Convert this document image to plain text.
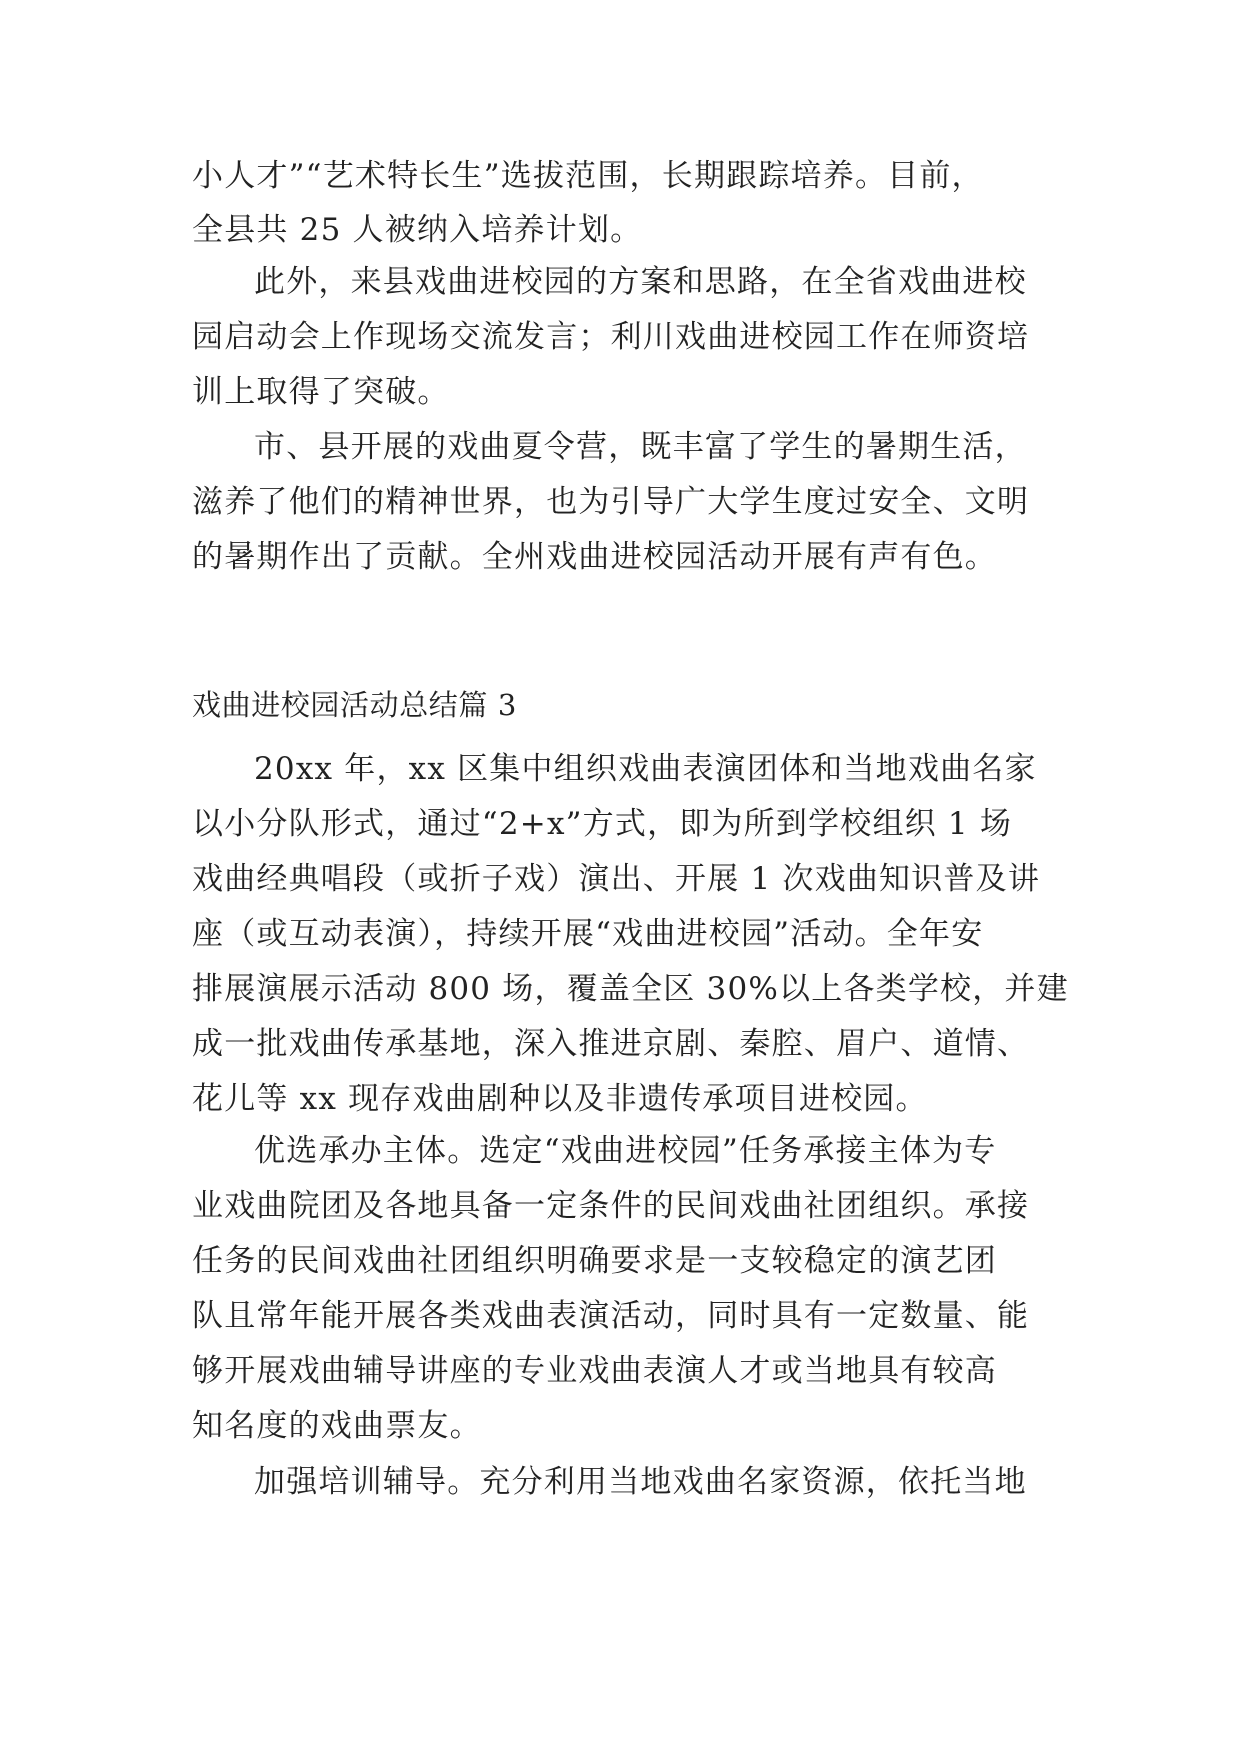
小人才”“艺术特长生”选拔范围，长期跟踪培养。目前，
全县共 25 人被纳入培养计划。
此外，来县戏曲进校园的方案和思路，在全省戏曲进校
园启动会上作现场交流发言；利川戏曲进校园工作在师资培
训上取得了突破。
市、县开展的戏曲夏令营，既丰富了学生的暑期生活，
滋养了他们的精神世界，也为引导广大学生度过安全、文明
的暑期作出了贡献。全州戏曲进校园活动开展有声有色。
戏曲进校园活动总结篇 3
20xx 年，xx 区集中组织戏曲表演团体和当地戏曲名家
以小分队形式，通过“2+x”方式，即为所到学校组织 1 场
戏曲经典唱段（或折子戏）演出、开展 1 次戏曲知识普及讲
座（或互动表演），持续开展“戏曲进校园”活动。全年安
排展演展示活动 800 场，覆盖全区 30%以上各类学校，并建
成一批戏曲传承基地，深入推进京剧、秦腔、眉户、道情、
花儿等 xx 现存戏曲剧种以及非遗传承项目进校园。
优选承办主体。选定“戏曲进校园”任务承接主体为专
业戏曲院团及各地具备一定条件的民间戏曲社团组织。承接
任务的民间戏曲社团组织明确要求是一支较稳定的演艺团
队且常年能开展各类戏曲表演活动，同时具有一定数量、能
够开展戏曲辅导讲座的专业戏曲表演人才或当地具有较高
知名度的戏曲票友。
加强培训辅导。充分利用当地戏曲名家资源，依托当地
